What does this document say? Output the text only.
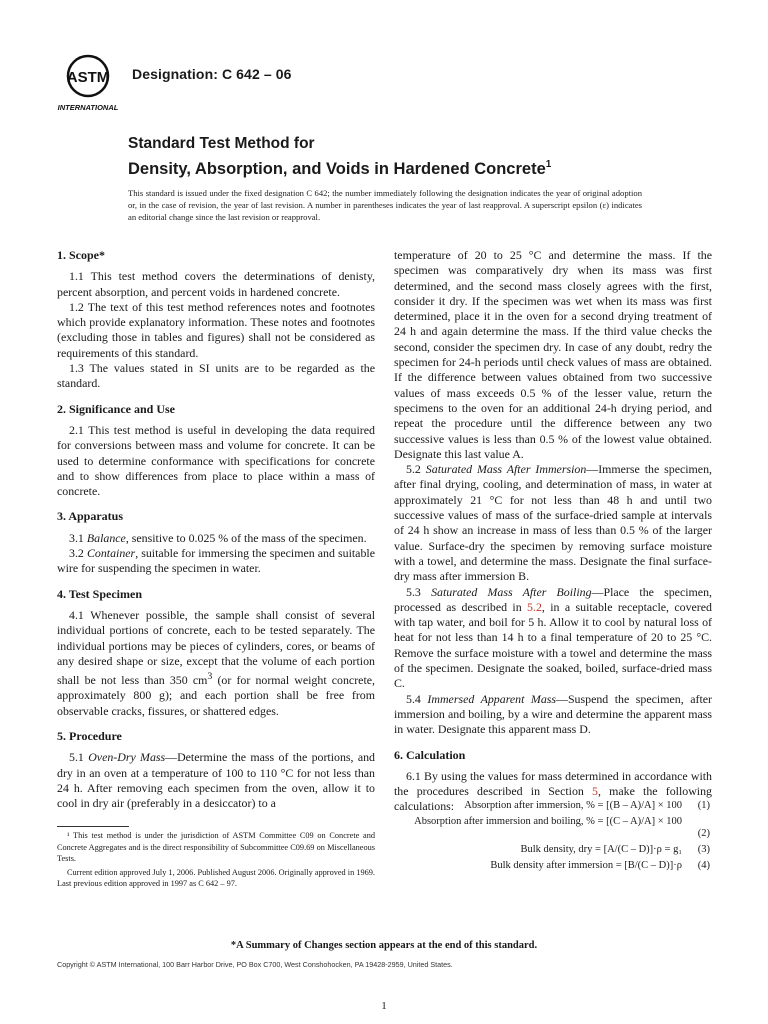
ASTM
INTERNATIONAL
Designation: C 642 – 06
Standard Test Method for
Density, Absorption, and Voids in Hardened Concrete$^1$
This standard is issued under the fixed designation C 642; the number immediately following the designation indicates the year of original adoption or, in the case of revision, the year of last revision. A number in parentheses indicates the year of last reapproval. A superscript epsilon (ε) indicates an editorial change since the last revision or reapproval.
1. Scope*

1.1 This test method covers the determinations of denisty, percent absorption, and percent voids in hardened concrete.

1.2 The text of this test method references notes and footnotes which provide explanatory information. These notes and footnotes (excluding those in tables and figures) shall not be considered as requirements of this standard.

1.3 The values stated in SI units are to be regarded as the standard.

2. Significance and Use

2.1 This test method is useful in developing the data required for conversions between mass and volume for concrete. It can be used to determine conformance with specifications for concrete and to show differences from place to place within a mass of concrete.

3. Apparatus

3.1 Balance, sensitive to 0.025 % of the mass of the specimen.

3.2 Container, suitable for immersing the specimen and suitable wire for suspending the specimen in water.

4. Test Specimen

4.1 Whenever possible, the sample shall consist of several individual portions of concrete, each to be tested separately. The individual portions may be pieces of cylinders, cores, or beams of any desired shape or size, except that the volume of each portion shall be not less than 350 $cm^3$ (or for normal weight concrete, approximately 800 g); and each portion shall be free from observable cracks, fissures, or shattered edges.

5. Procedure

5.1 Oven-Dry Mass—Determine the mass of the portions, and dry in an oven at a temperature of 100 to 110 °C for not less than 24 h. After removing each specimen from the oven, allow it to cool in dry air (preferably in a desiccator) to a

temperature of 20 to 25 °C and determine the mass. If the specimen was comparatively dry when its mass was first determined, and the second mass closely agrees with the first, consider it dry. If the specimen was wet when its mass was first determined, place it in the oven for a second drying treatment of 24 h and again determine the mass. If the third value checks the second, consider the specimen dry. In case of any doubt, redry the specimen for 24-h periods until check values of mass are obtained. If the difference between values obtained from two successive values of mass exceeds 0.5 % of the lesser value, return the specimens to the oven for an additional 24-h drying period, and repeat the procedure until the difference between any two successive values is less than 0.5 % of the lowest value obtained. Designate this last value A.

5.2 Saturated Mass After Immersion—Immerse the specimen, after final drying, cooling, and determination of mass, in water at approximately 21 °C for not less than 48 h and until two successive values of mass of the surface-dried sample at intervals of 24 h show an increase in mass of less than 0.5 % of the larger value. Surface-dry the specimen by removing surface moisture with a towel, and determine the mass. Designate the final surface-dry mass after immersion B.

5.3 Saturated Mass After Boiling—Place the specimen, processed as described in 5.2, in a suitable receptacle, covered with tap water, and boil for 5 h. Allow it to cool by natural loss of heat for not less than 14 h to a final temperature of 20 to 25 °C. Remove the surface moisture with a towel and determine the mass of the specimen. Designate the soaked, boiled, surface-dried mass C.

5.4 Immersed Apparent Mass—Suspend the specimen, after immersion and boiling, by a wire and determine the apparent mass in water. Designate this apparent mass D.

6. Calculation

6.1 By using the values for mass determined in accordance with the procedures described in Section 5, make the following calculations: Absorption after immersion, % = [(B – A)/A] × 100 (1)
Absorption after immersion and boiling, % = [(C – A)/A] × 100
(2)
Bulk density, dry = [A/(C – D)]·ρ = g₁ (3)
Bulk density after immersion = [B/(C – D)]·ρ (4)

¹ This test method is under the jurisdiction of ASTM Committee C09 on Concrete and Concrete Aggregates and is the direct responsibility of Subcommittee C09.69 on Miscellaneous Tests.

Current edition approved July 1, 2006. Published August 2006. Originally approved in 1969. Last previous edition approved in 1997 as C 642 – 97.

*A Summary of Changes section appears at the end of this standard.
Copyright © ASTM International, 100 Barr Harbor Drive, PO Box C700, West Conshohocken, PA 19428-2959, United States.
1
